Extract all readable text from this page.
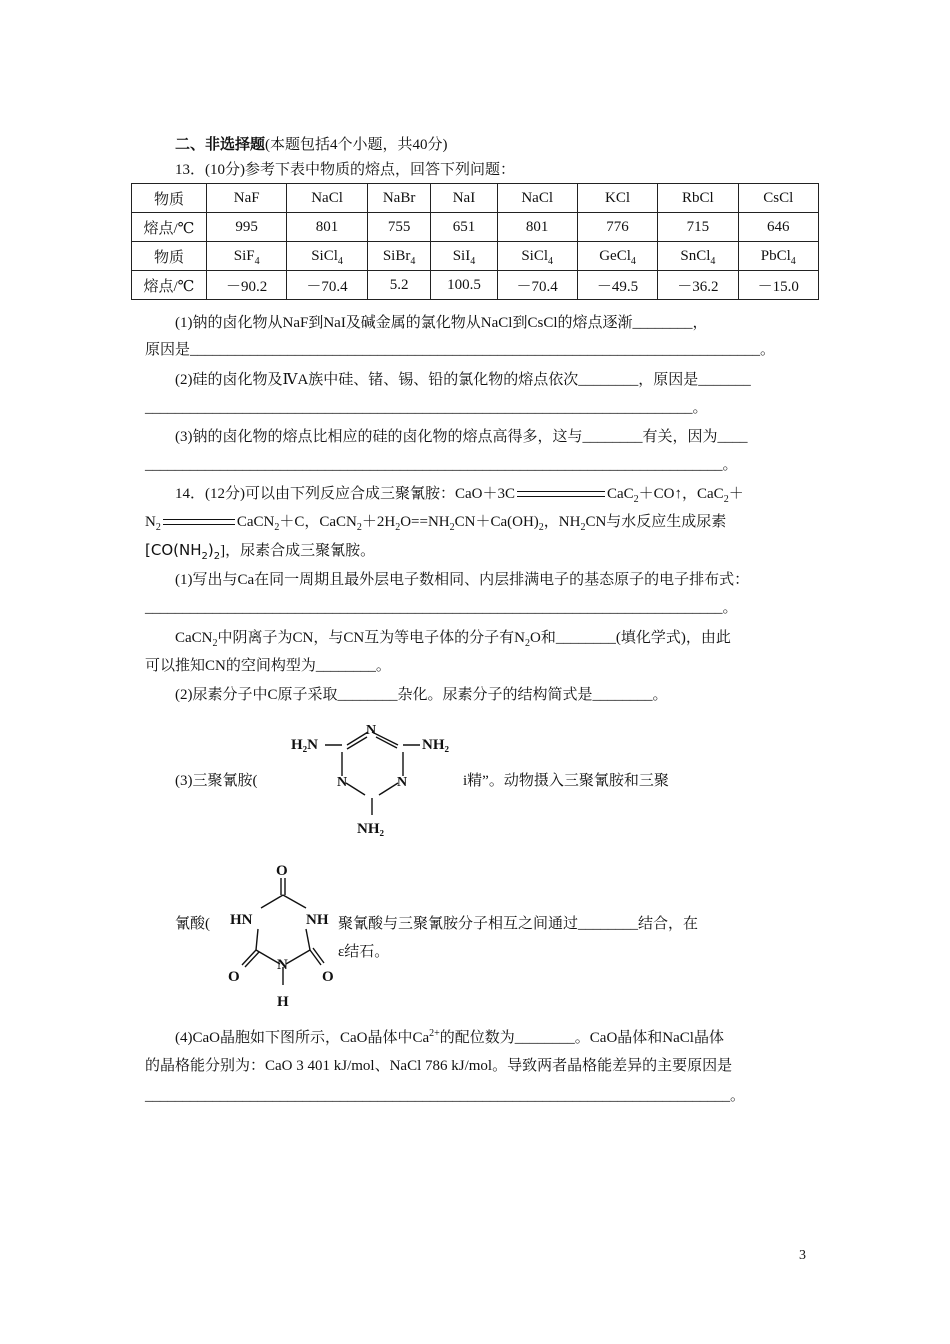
二、非选择题(本题包括4个小题，共40分)
13．(10分)参考下表中物质的熔点，回答下列问题：
物质	NaF	NaCl	NaBr	NaI	NaCl	KCl	RbCl	CsCl
熔点/℃	995	801	755	651	801	776	715	646
物质	SiF$_4$	SiCl$_4$	SiBr$_4$	SiI$_4$	SiCl$_4$	GeCl$_4$	SnCl$_4$	PbCl$_4$
熔点/℃	－90.2	－70.4	5.2	100.5	－70.4	－49.5	－36.2	－15.0
(1)钠的卤化物从NaF到NaI及碱金属的氯化物从NaCl到CsCl的熔点逐渐________，
原因是____________________________________________________________________________。
(2)硅的卤化物及ⅣA族中硅、锗、锡、铅的氯化物的熔点依次________，原因是_______
_________________________________________________________________________。
(3)钠的卤化物的熔点比相应的硅的卤化物的熔点高得多，这与________有关，因为____
_____________________________________________________________________________。
14．(12分)可以由下列反应合成三聚氰胺：CaO＋3C	CaC$_2$＋CO↑，CaC$_2$＋
$N_2$	CaCN$_2$＋C，$CaCN_2+2H_2O==NH_2CN+Ca(OH)_2$，$NH_2CN$与水反应生成尿素
$[CO(NH_2)_2]$，尿素合成三聚氰胺。
(1)写出与Ca在同一周期且最外层电子数相同、内层排满电子的基态原子的电子排布式：
_____________________________________________________________________________。
CaCN$_2$中阴离子为CN，与CN互为等电子体的分子有$N_2O$和________(填化学式)，由此
可以推知CN的空间构型为________。
(2)尿素分子中C原子采取________杂化。尿素分子的结构简式是________。
(3)三聚氰胺(
N
N
N
H₂N	NH₂
NH₂
i精”。动物摄入三聚氰胺和三聚
氰酸(
O
HN	NH
O	O
N
H
聚氰酸与三聚氰胺分子相互之间通过________结合，在
ε结石。
(4)CaO晶胞如下图所示，CaO晶体中$Ca^{2+}$的配位数为________。CaO晶体和NaCl晶体
的晶格能分别为：CaO 3 401 kJ/mol、NaCl 786 kJ/mol。导致两者晶格能差异的主要原因是
______________________________________________________________________________。
3
